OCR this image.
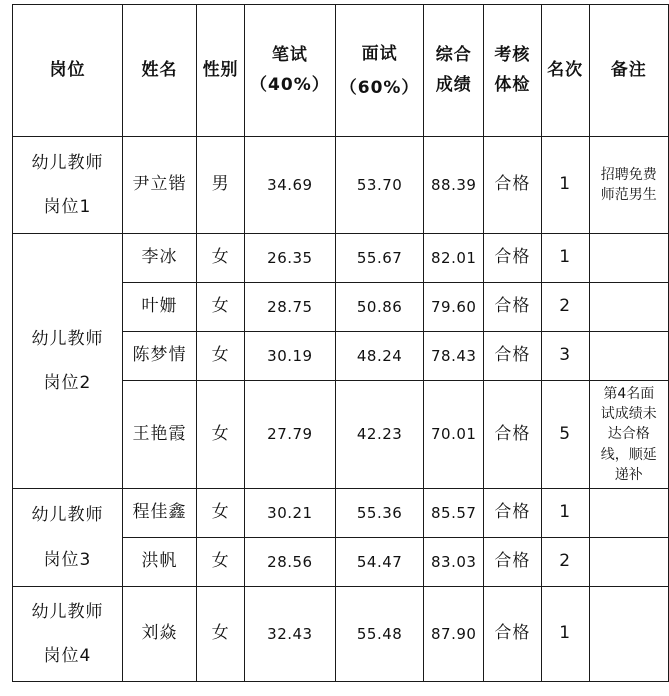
岗位	姓名	性别	笔试（40%）	面试（60%）	综合成绩	考核体检	名次	备注
幼儿教师岗位1	尹立锴	男	34.69	53.70	88.39	合格	1	招聘免费师范男生
幼儿教师岗位2	李冰	女	26.35	55.67	82.01	合格	1	
	叶姗	女	28.75	50.86	79.60	合格	2	
	陈梦情	女	30.19	48.24	78.43	合格	3	
	王艳霞	女	27.79	42.23	70.01	合格	5	第4名面试成绩未达合格线，顺延递补
幼儿教师岗位3	程佳鑫	女	30.21	55.36	85.57	合格	1	
	洪帆	女	28.56	54.47	83.03	合格	2	
幼儿教师岗位4	刘焱	女	32.43	55.48	87.90	合格	1	
